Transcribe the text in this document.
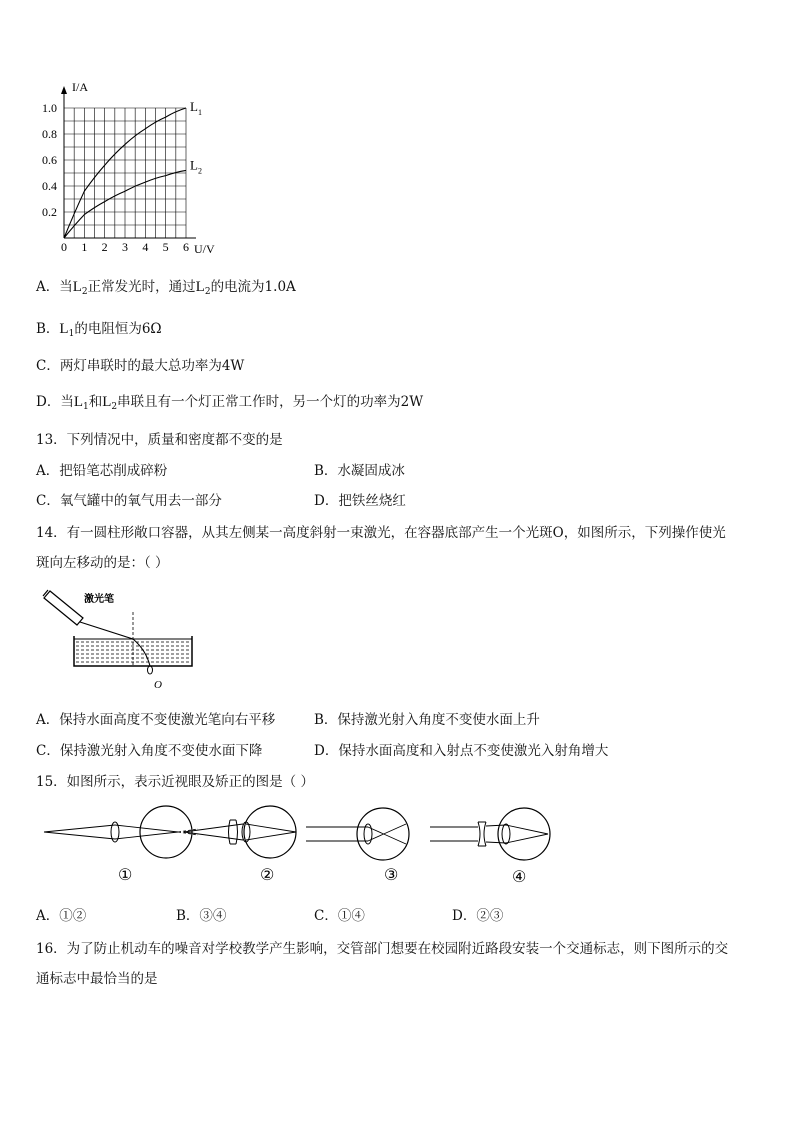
0 1 2 3 4 5 6
0.2
0.4
0.6
0.8
1.0	L 1
L 2
I/A
U/V
A．当$L_2$正常发光时，通过$L_2$的电流为1.0A
B．$L_1$的电阻恒为6Ω
C．两灯串联时的最大总功率为4W
D．当$L_1$和$L_2$串联且有一个灯正常工作时，另一个灯的功率为2W
13．下列情况中，质量和密度都不变的是
A．把铅笔芯削成碎粉	B．水凝固成冰
C．氧气罐中的氧气用去一部分	D．把铁丝烧红
14．有一圆柱形敞口容器，从其左侧某一高度斜射一束激光，在容器底部产生一个光斑O，如图所示，下列操作使光
斑向左移动的是：（ ）
激光笔
O
A．保持水面高度不变使激光笔向右平移	B．保持激光射入角度不变使水面上升
C．保持激光射入角度不变使水面下降	D．保持水面高度和入射点不变使激光入射角增大
15．如图所示，表示近视眼及矫正的图是（ ）
①	②	③	④
A．①②	B．③④	C．①④	D．②③
16．为了防止机动车的噪音对学校教学产生影响，交管部门想要在校园附近路段安装一个交通标志，则下图所示的交
通标志中最恰当的是
